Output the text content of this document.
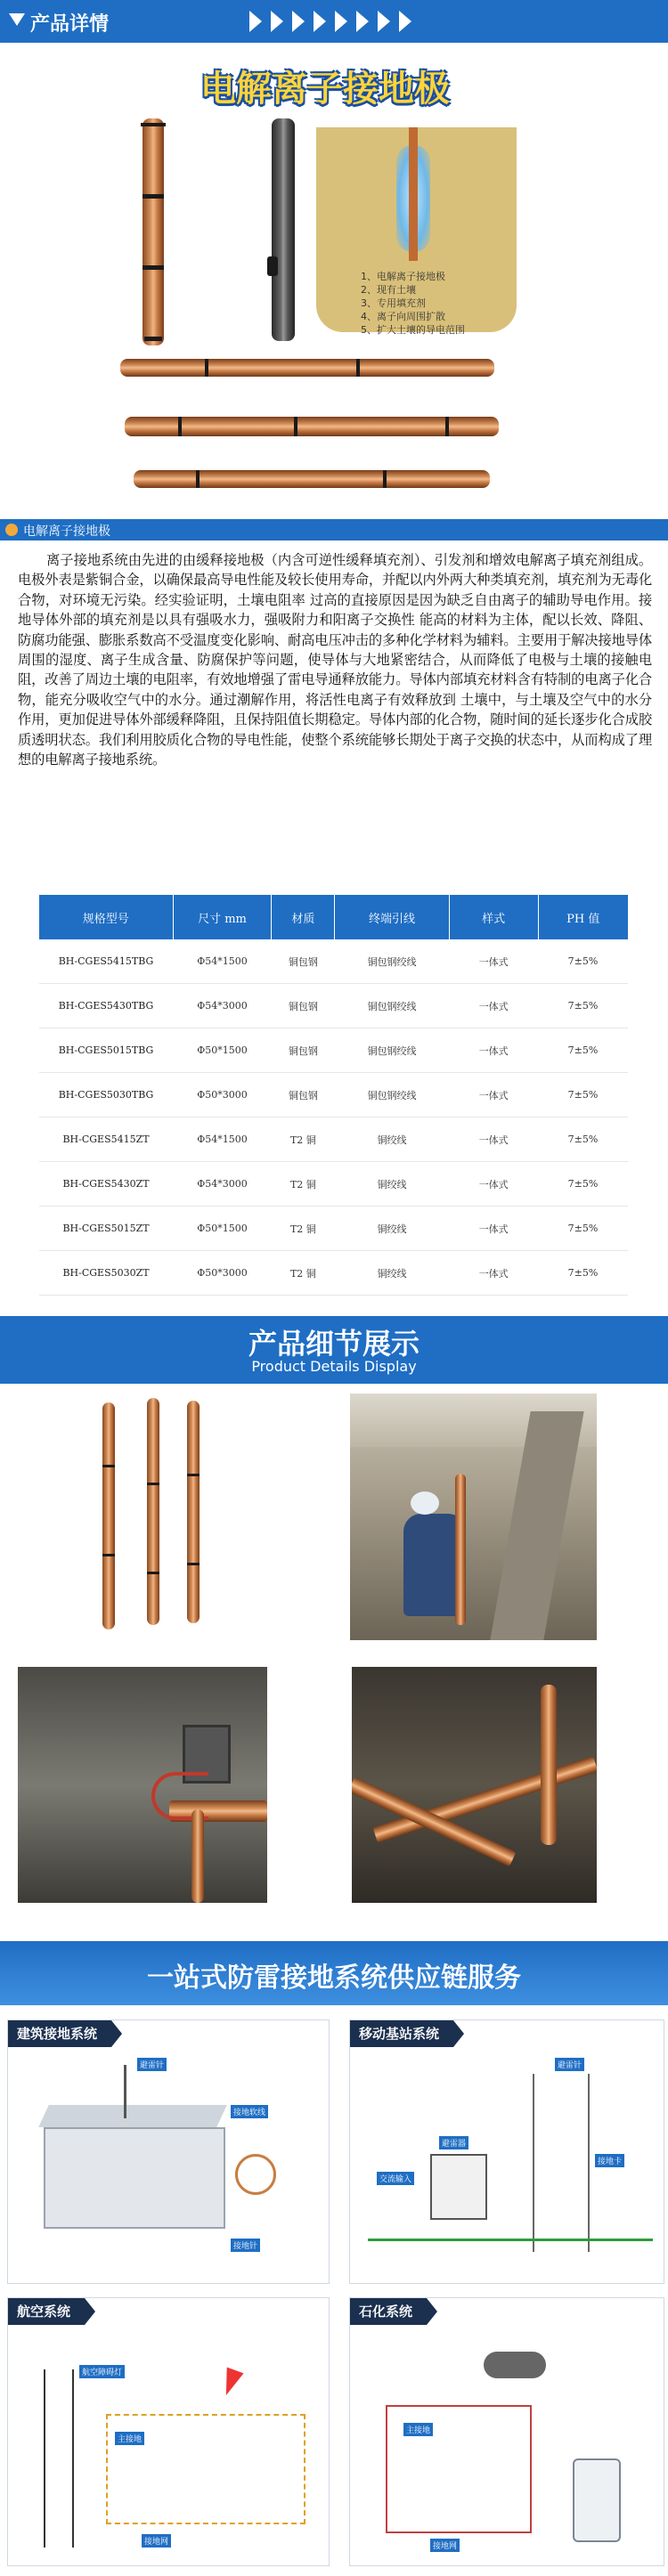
产品详情
电解离子接地极
1、电解离子接地极
2、现有土壤
3、专用填充剂
4、离子向周围扩散
5、扩大土壤的导电范围
电解离子接地极
离子接地系统由先进的由缓释接地极（内含可逆性缓释填充剂）、引发剂和增效电解离子填充剂组成。电极外表是紫铜合金，以确保最高导电性能及较长使用寿命，并配以内外两大种类填充剂，填充剂为无毒化合物，对环境无污染。经实验证明，土壤电阻率 过高的直接原因是因为缺乏自由离子的辅助导电作用。接地导体外部的填充剂是以具有强吸水力，强吸附力和阳离子交换性 能高的材料为主体，配以长效、降阻、防腐功能强、膨胀系数高不受温度变化影响、耐高电压冲击的多种化学材料为辅料。主要用于解决接地导体周围的湿度、离子生成含量、防腐保护等问题，使导体与大地紧密结合，从而降低了电极与土壤的接触电阻，改善了周边土壤的电阻率，有效地增强了雷电导通释放能力。导体内部填充材料含有特制的电离子化合物，能充分吸收空气中的水分。通过潮解作用，将活性电离子有效释放到 土壤中，与土壤及空气中的水分作用，更加促进导体外部缓释降阻，且保持阻值长期稳定。导体内部的化合物，随时间的延长逐步化合成胶质透明状态。我们利用胶质化合物的导电性能，使整个系统能够长期处于离子交换的状态中，从而构成了理想的电解离子接地系统。
规格型号	尺寸 mm	材质	终端引线	样式	PH 值
BH-CGES5415TBG	Φ54*1500	铜包钢	铜包钢绞线	一体式	7±5%
BH-CGES5430TBG	Φ54*3000	铜包钢	铜包钢绞线	一体式	7±5%
BH-CGES5015TBG	Φ50*1500	铜包钢	铜包钢绞线	一体式	7±5%
BH-CGES5030TBG	Φ50*3000	铜包钢	铜包钢绞线	一体式	7±5%
BH-CGES5415ZT	Φ54*1500	T2 铜	铜绞线	一体式	7±5%
BH-CGES5430ZT	Φ54*3000	T2 铜	铜绞线	一体式	7±5%
BH-CGES5015ZT	Φ50*1500	T2 铜	铜绞线	一体式	7±5%
BH-CGES5030ZT	Φ50*3000	T2 铜	铜绞线	一体式	7±5%
产品细节展示
Product Details Display
一站式防雷接地系统供应链服务
建筑接地系统
避雷针
接地软线
接地针
移动基站系统
避雷针
交流输入
避雷器
接地卡
航空系统
航空障碍灯
主接地
接地网
石化系统
主接地
接地网
